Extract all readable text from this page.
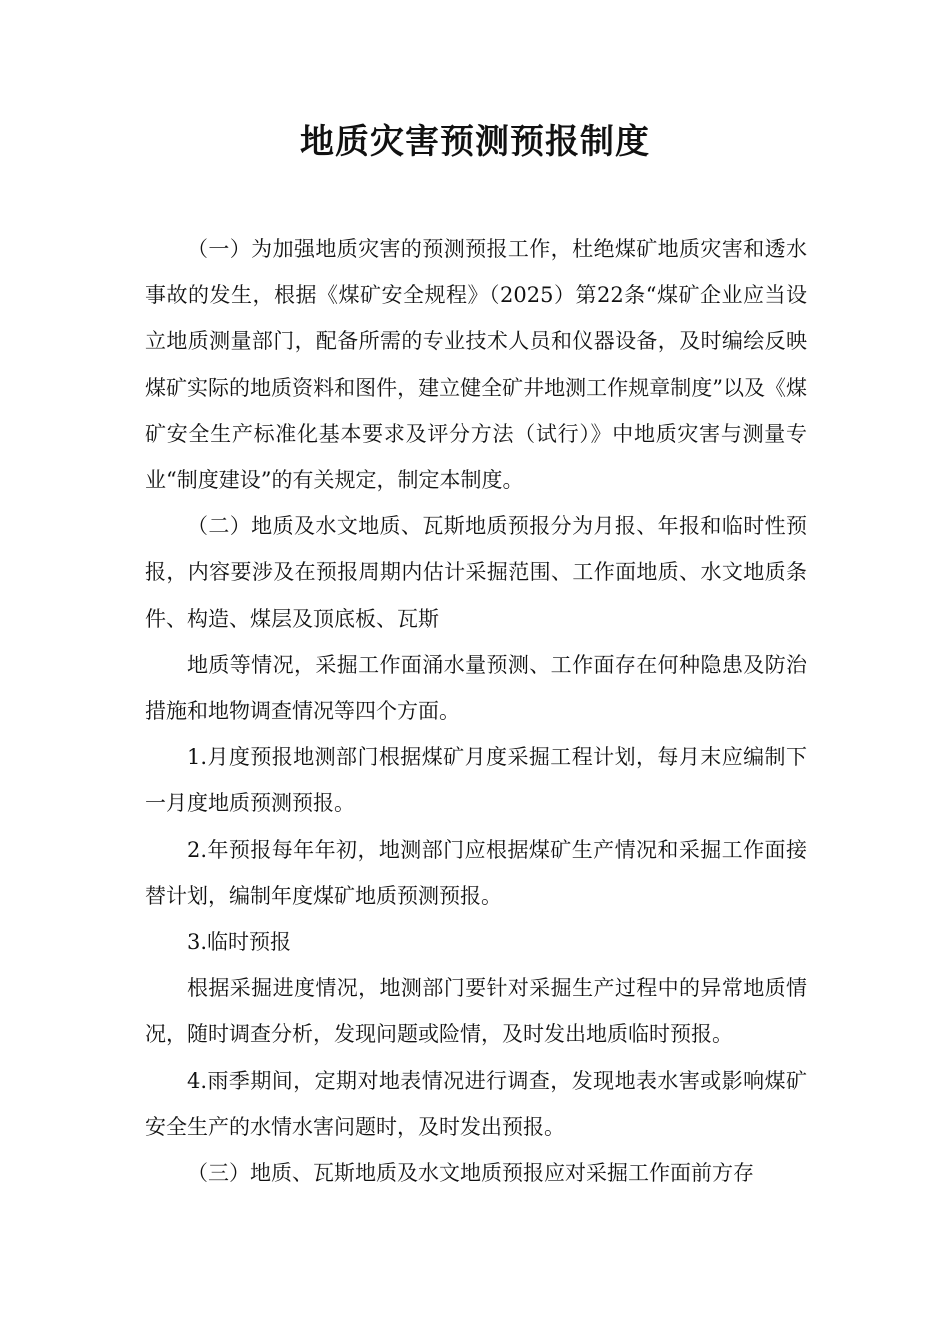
地质灾害预测预报制度

（一）为加强地质灾害的预测预报工作，杜绝煤矿地质灾害和透水事故的发生，根据《煤矿安全规程》（2025）第22条“煤矿企业应当设立地质测量部门，配备所需的专业技术人员和仪器设备，及时编绘反映煤矿实际的地质资料和图件，建立健全矿井地测工作规章制度”以及《煤矿安全生产标准化基本要求及评分方法（试行）》中地质灾害与测量专业“制度建设”的有关规定，制定本制度。

（二）地质及水文地质、瓦斯地质预报分为月报、年报和临时性预报，内容要涉及在预报周期内估计采掘范围、工作面地质、水文地质条件、构造、煤层及顶底板、瓦斯

地质等情况，采掘工作面涌水量预测、工作面存在何种隐患及防治措施和地物调查情况等四个方面。

1.月度预报地测部门根据煤矿月度采掘工程计划，每月末应编制下一月度地质预测预报。

2.年预报每年年初，地测部门应根据煤矿生产情况和采掘工作面接替计划，编制年度煤矿地质预测预报。

3.临时预报

根据采掘进度情况，地测部门要针对采掘生产过程中的异常地质情况，随时调查分析，发现问题或险情，及时发出地质临时预报。

4.雨季期间，定期对地表情况进行调查，发现地表水害或影响煤矿安全生产的水情水害问题时，及时发出预报。

（三）地质、瓦斯地质及水文地质预报应对采掘工作面前方存
